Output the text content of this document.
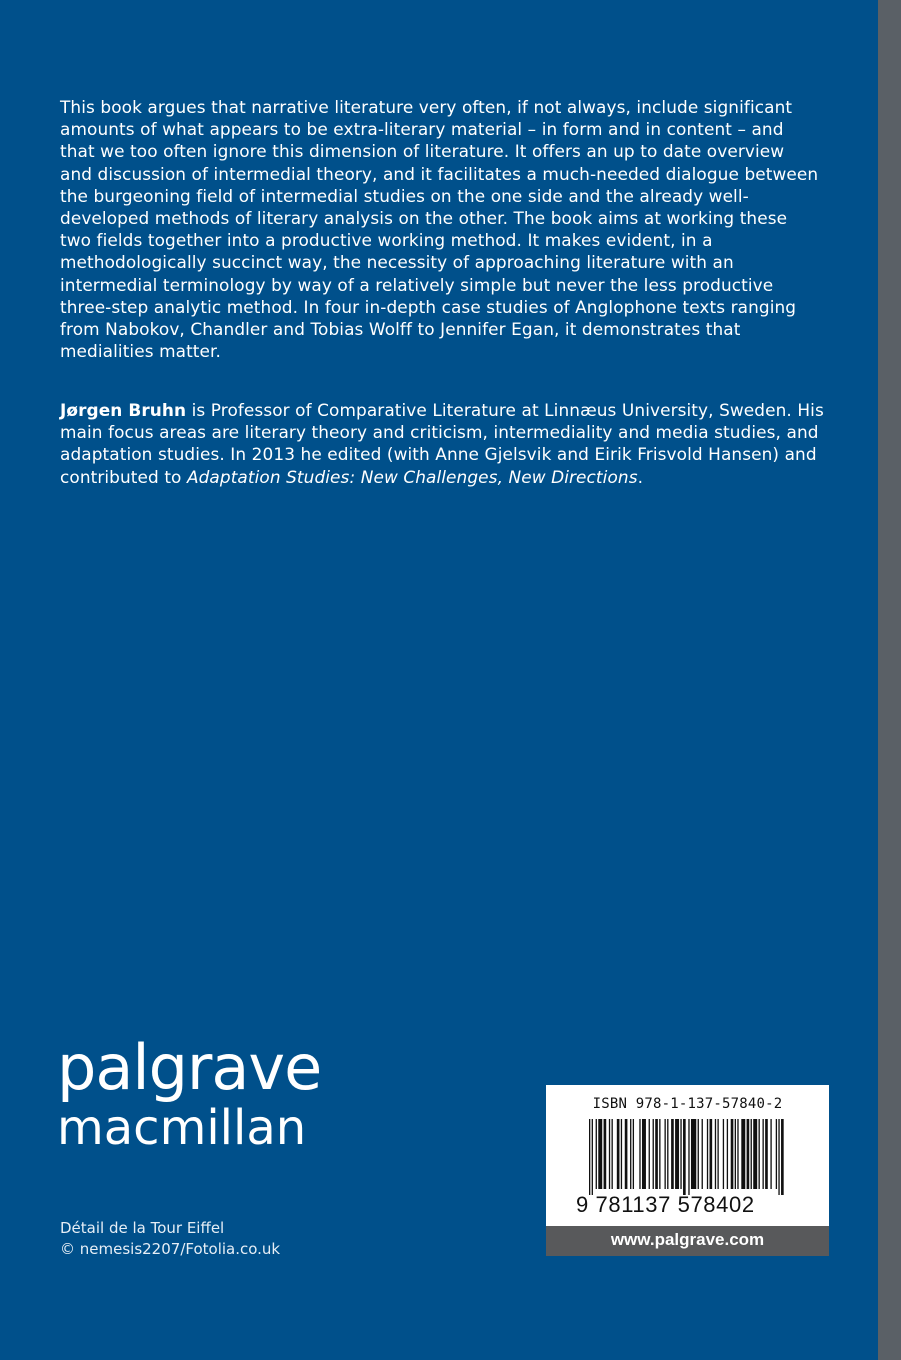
This book argues that narrative literature very often, if not always, include significant amounts of what appears to be extra-literary material – in form and in content – and that we too often ignore this dimension of literature. It offers an up to date overview and discussion of intermedial theory, and it facilitates a much-needed dialogue between the burgeoning field of intermedial studies on the one side and the already well-developed methods of literary analysis on the other. The book aims at working these two fields together into a productive working method. It makes evident, in a methodologically succinct way, the necessity of approaching literature with an intermedial terminology by way of a relatively simple but never the less productive three-step analytic method. In four in-depth case studies of Anglophone texts ranging from Nabokov, Chandler and Tobias Wolff to Jennifer Egan, it demonstrates that medialities matter.

Jørgen Bruhn is Professor of Comparative Literature at Linnæus University, Sweden. His main focus areas are literary theory and criticism, intermediality and media studies, and adaptation studies. In 2013 he edited (with Anne Gjelsvik and Eirik Frisvold Hansen) and contributed to Adaptation Studies: New Challenges, New Directions.

palgrave
macmillan
Détail de la Tour Eiffel
© nemesis2207/Fotolia.co.uk
ISBN 978-1-137-57840-2
9 781137 578402
www.palgrave.com
